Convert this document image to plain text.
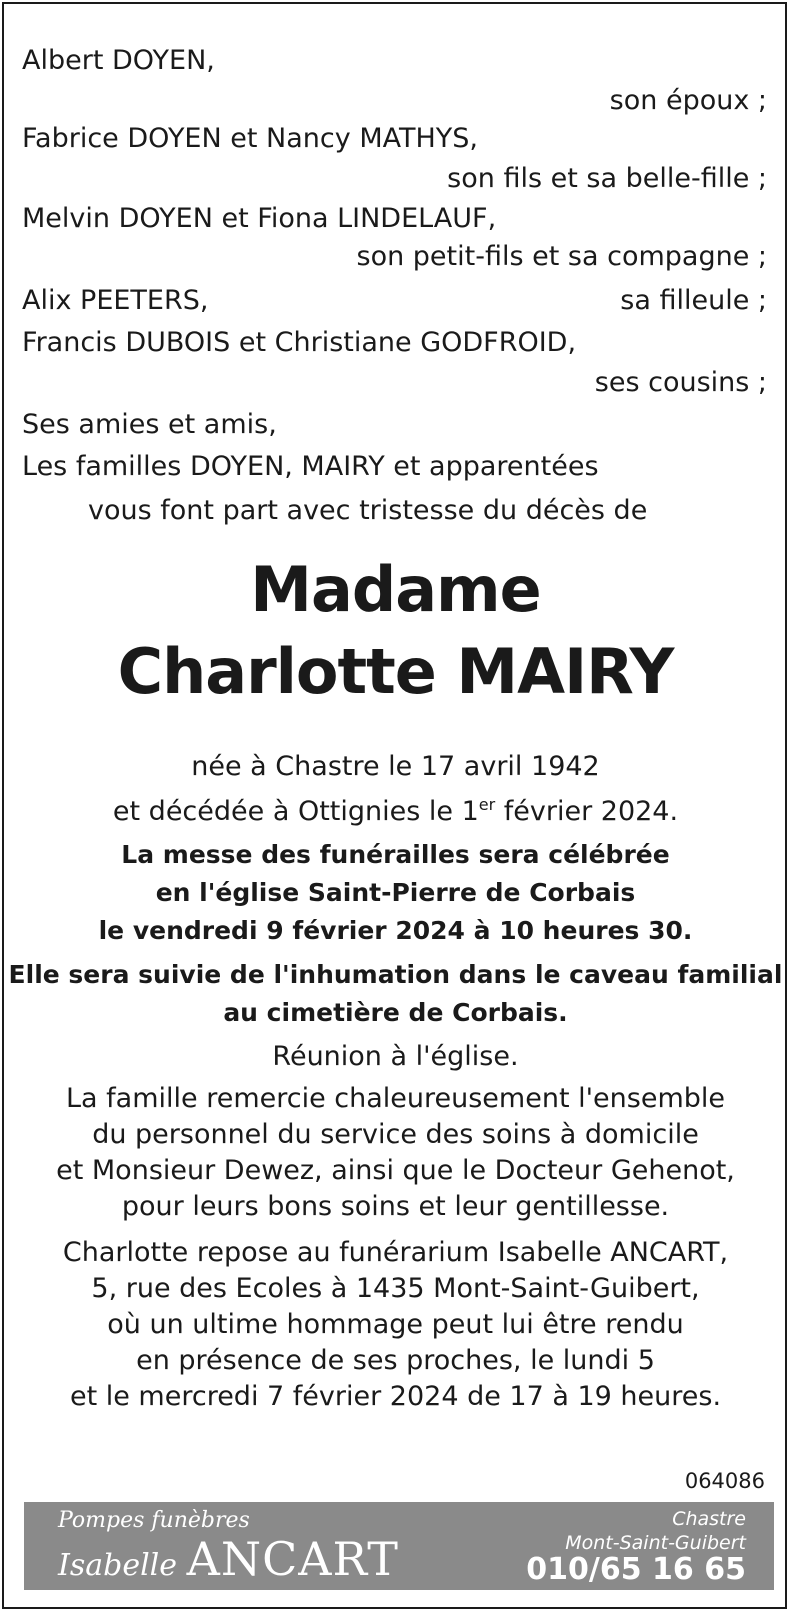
Albert DOYEN,
son époux ;
Fabrice DOYEN et Nancy MATHYS,
son fils et sa belle-fille ;
Melvin DOYEN et Fiona LINDELAUF,
son petit-fils et sa compagne ;
Alix PEETERS,	sa filleule ;
Francis DUBOIS et Christiane GODFROID,
ses cousins ;
Ses amies et amis,
Les familles DOYEN, MAIRY et apparentées
vous font part avec tristesse du décès de
Madame
Charlotte MAIRY
née à Chastre le 17 avril 1942
et décédée à Ottignies le 1er février 2024.
La messe des funérailles sera célébrée
en l'église Saint-Pierre de Corbais
le vendredi 9 février 2024 à 10 heures 30.
Elle sera suivie de l'inhumation dans le caveau familial
au cimetière de Corbais.
Réunion à l'église.
La famille remercie chaleureusement l'ensemble
du personnel du service des soins à domicile
et Monsieur Dewez, ainsi que le Docteur Gehenot,
pour leurs bons soins et leur gentillesse.
Charlotte repose au funérarium Isabelle ANCART,
5, rue des Ecoles à 1435 Mont-Saint-Guibert,
où un ultime hommage peut lui être rendu
en présence de ses proches, le lundi 5
et le mercredi 7 février 2024 de 17 à 19 heures.
064086
Pompes funèbres
Isabelle ANCART
Chastre
Mont-Saint-Guibert
010/65 16 65
